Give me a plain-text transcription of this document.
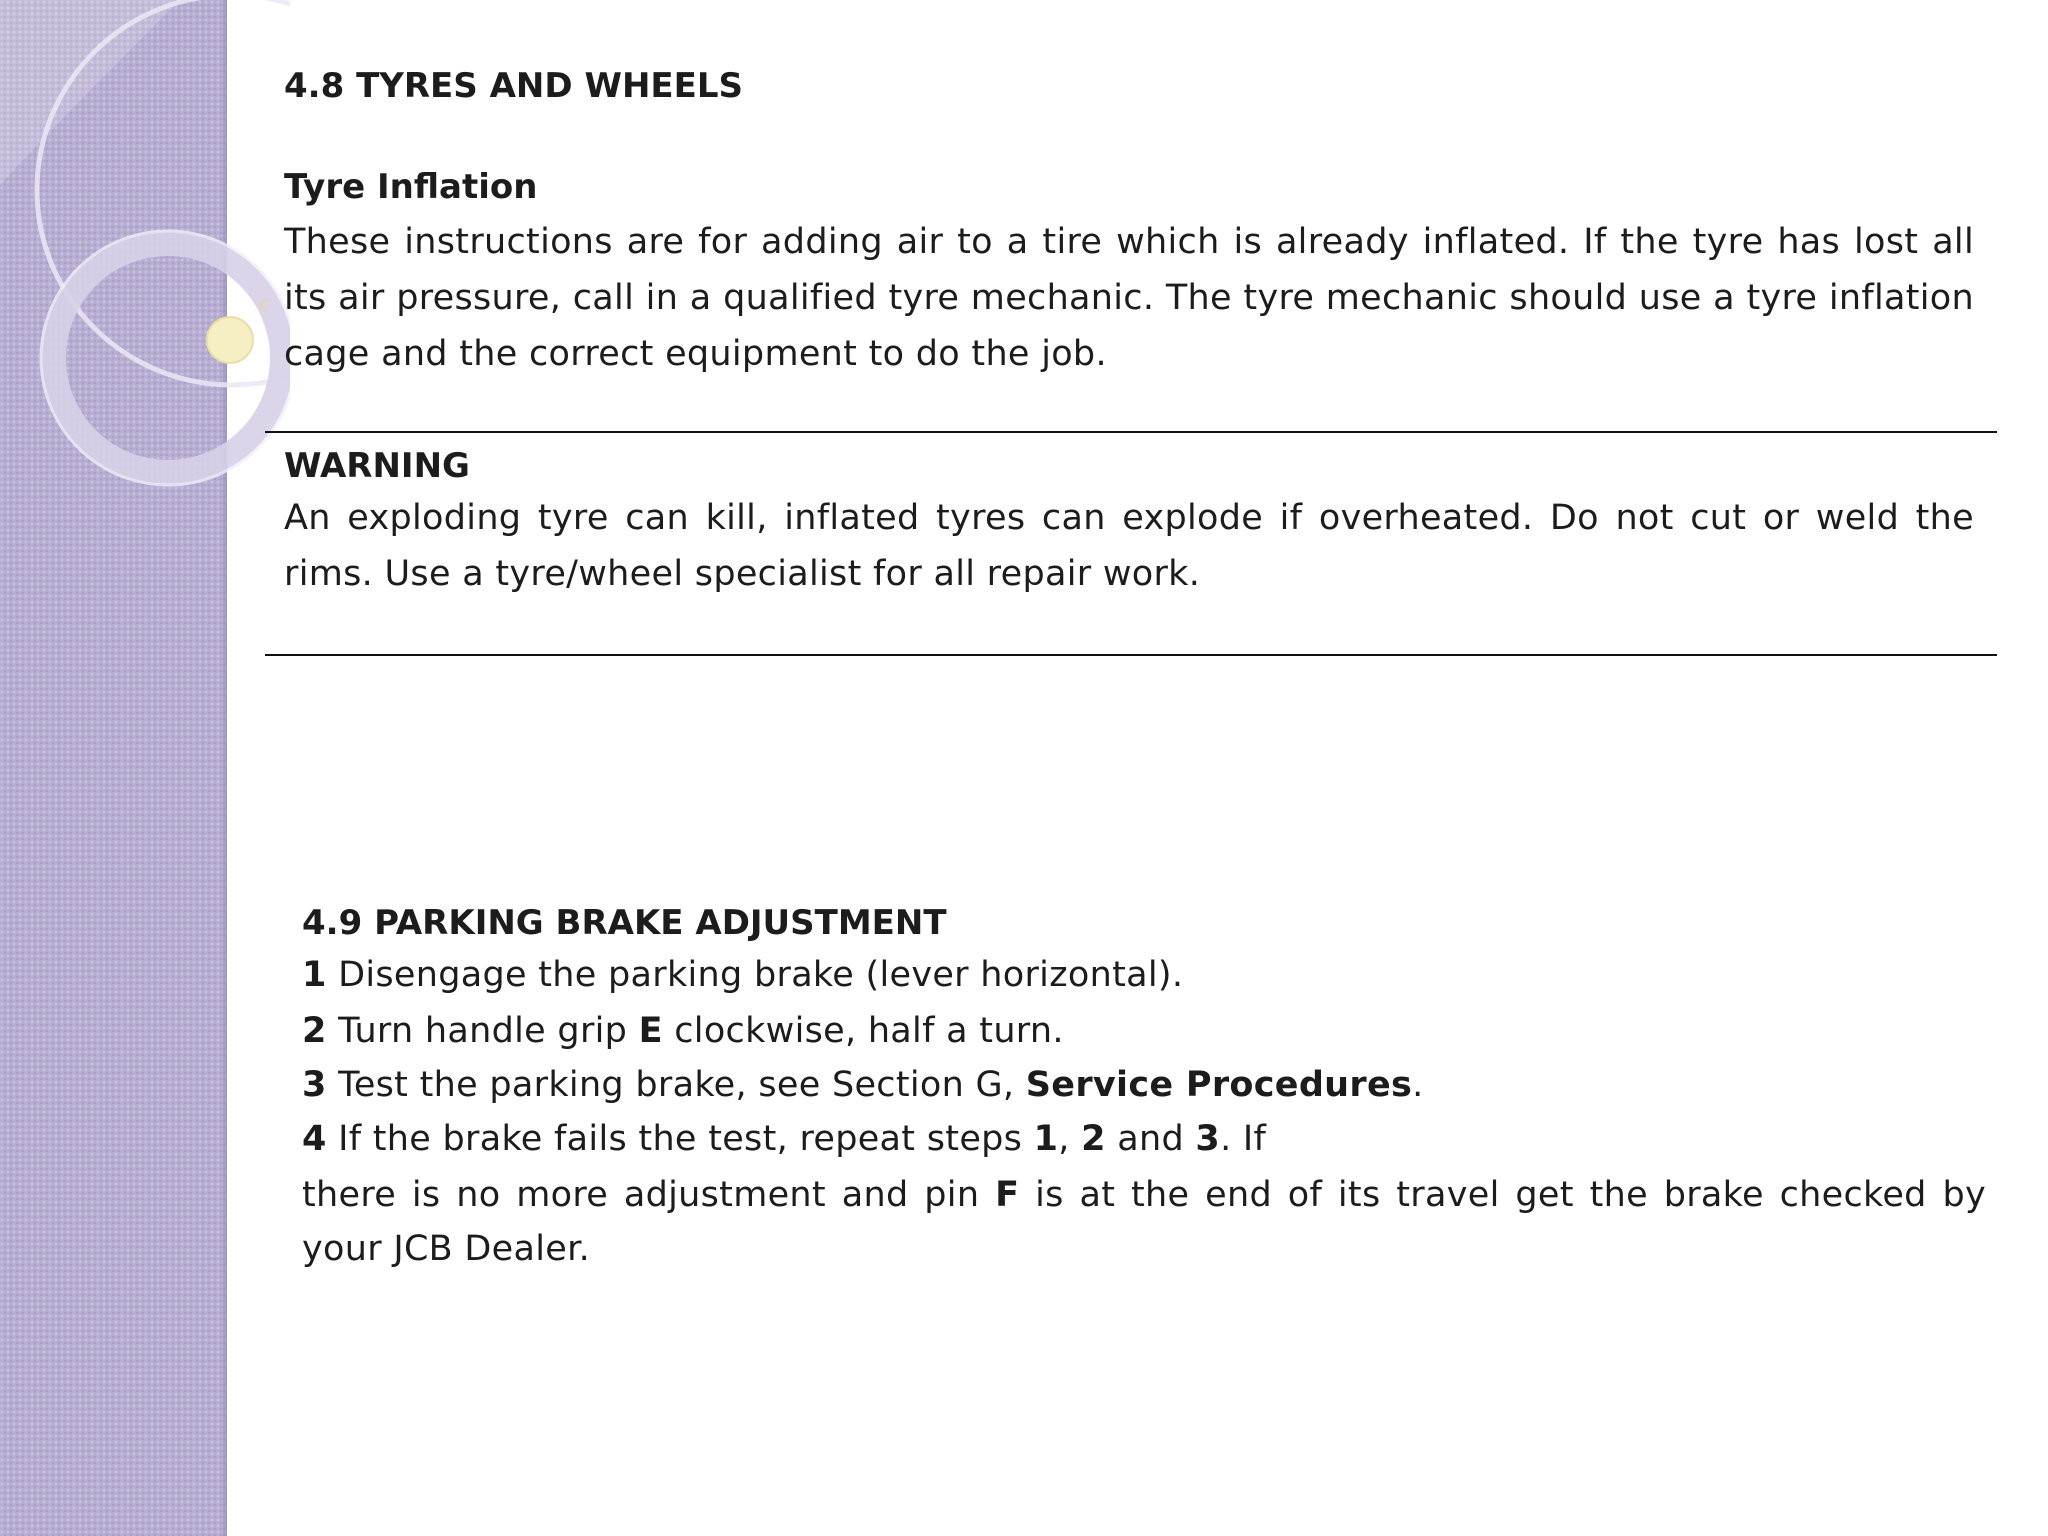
4.8 TYRES AND WHEELS
Tyre Inflation

These instructions are for adding air to a tire which is already inflated. If the tyre has lost all its air pressure, call in a qualified tyre mechanic. The tyre mechanic should use a tyre inflation cage and the correct equipment to do the job.

WARNING

An exploding tyre can kill, inflated tyres can explode if overheated. Do not cut or weld the rims. Use a tyre/wheel specialist for all repair work.

4.9 PARKING BRAKE ADJUSTMENT

1 Disengage the parking brake (lever horizontal).

2 Turn handle grip E clockwise, half a turn.

3 Test the parking brake, see Section G, Service Procedures.

4 If the brake fails the test, repeat steps 1, 2 and 3. If

there is no more adjustment and pin F is at the end of its travel get the brake checked by your JCB Dealer.
